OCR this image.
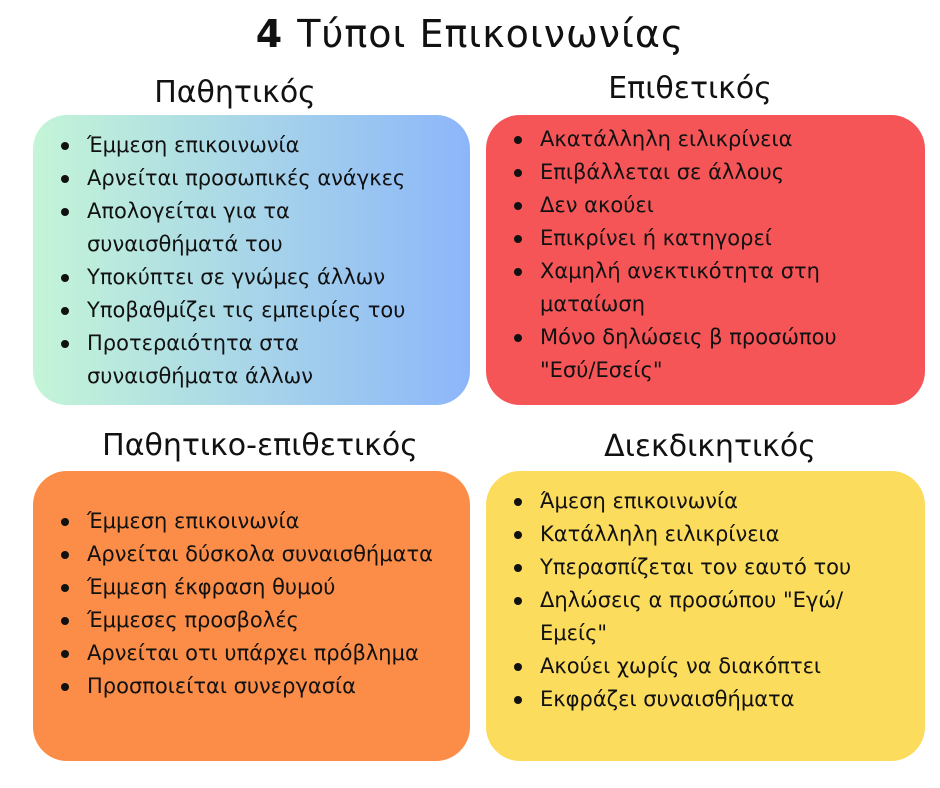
4 Τύποι Επικοινωνίας
Παθητικός	Επιθετικός
Παθητικο-επιθετικός	Διεκδικητικός
Έμμεση επικοινωνία
Αρνείται προσωπικές ανάγκες
Απολογείται για τα
συναισθήματά του
Υποκύπτει σε γνώμες άλλων
Υποβαθμίζει τις εμπειρίες του
Προτεραιότητα στα
συναισθήματα άλλων
Ακατάλληλη ειλικρίνεια
Επιβάλλεται σε άλλους
Δεν ακούει
Επικρίνει ή κατηγορεί
Χαμηλή ανεκτικότητα στη
ματαίωση
Μόνο δηλώσεις β προσώπου
"Εσύ/Εσείς"
Έμμεση επικοινωνία
Αρνείται δύσκολα συναισθήματα
Έμμεση έκφραση θυμού
Έμμεσες προσβολές
Αρνείται οτι υπάρχει πρόβλημα
Προσποιείται συνεργασία
Άμεση επικοινωνία
Κατάλληλη ειλικρίνεια
Υπερασπίζεται τον εαυτό του
Δηλώσεις α προσώπου "Εγώ/
Εμείς"
Ακούει χωρίς να διακόπτει
Εκφράζει συναισθήματα
